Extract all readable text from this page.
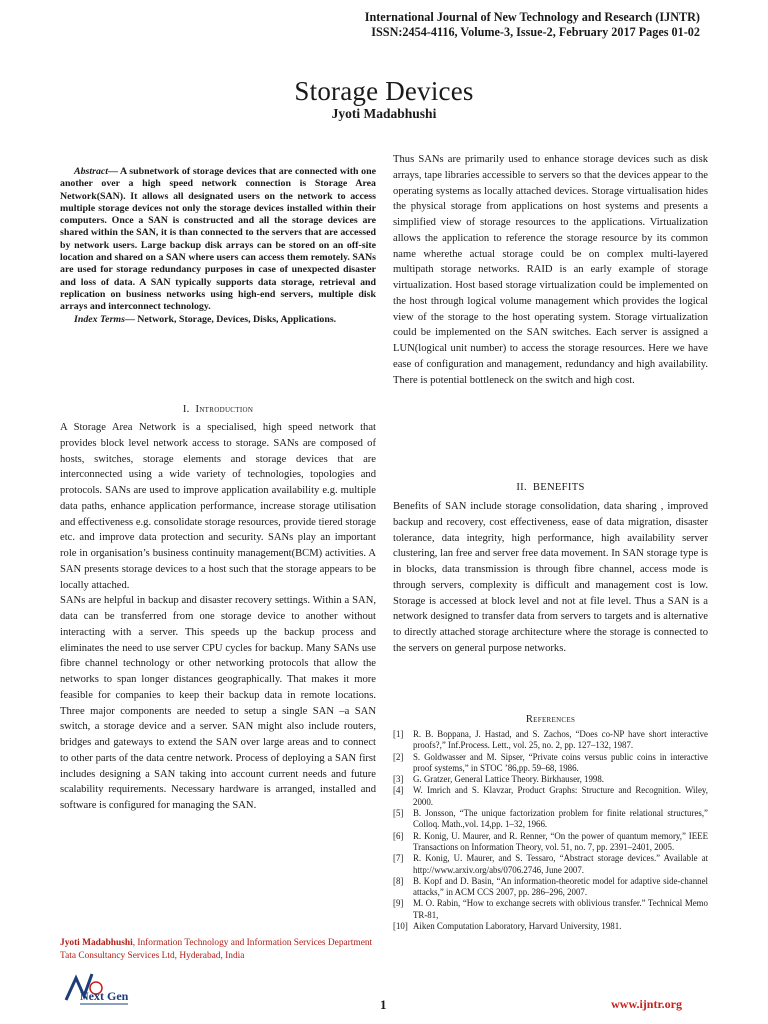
International Journal of New Technology and Research (IJNTR)
ISSN:2454-4116, Volume-3, Issue-2, February 2017 Pages 01-02
Storage Devices
Jyoti Madabhushi

Abstract— A subnetwork of storage devices that are connected with one another over a high speed network connection is Storage Area Network(SAN). It allows all designated users on the network to access multiple storage devices not only the storage devices installed within their computers. Once a SAN is constructed and all the storage devices are shared within the SAN, it is than connected to the servers that are accessed by network users. Large backup disk arrays can be stored on an off-site location and shared on a SAN where users can access them remotely. SANs are used for storage redundancy purposes in case of unexpected disaster and loss of data. A SAN typically supports data storage, retrieval and replication on business networks using high-end servers, multiple disk arrays and interconnect technology.

Index Terms— Network, Storage, Devices, Disks, Applications.

I. Introduction

A Storage Area Network is a specialised, high speed network that provides block level network access to storage. SANs are composed of hosts, switches, storage elements and storage devices that are interconnected using a wide variety of technologies, topologies and protocols. SANs are used to improve application availability e.g. multiple data paths, enhance application performance, increase storage utilisation and effectiveness e.g. consolidate storage resources, provide tiered storage etc. and improve data protection and security. SANs play an important role in organisation’s business continuity management(BCM) activities. A SAN presents storage devices to a host such that the storage appears to be locally attached.

SANs are helpful in backup and disaster recovery settings. Within a SAN, data can be transferred from one storage device to another without interacting with a server. This speeds up the backup process and eliminates the need to use server CPU cycles for backup. Many SANs use fibre channel technology or other networking protocols that allow the networks to span longer distances geographically. That makes it more feasible for companies to keep their backup data in remote locations. Three major components are needed to setup a single SAN –a SAN switch, a storage device and a server. SAN might also include routers, bridges and gateways to extend the SAN over large areas and to connect to other parts of the data centre network. Process of deploying a SAN first includes designing a SAN taking into account current needs and future scalability requirements. Necessary hardware is arranged, installed and software is configured for managing the SAN.

Thus SANs are primarily used to enhance storage devices such as disk arrays, tape libraries accessible to servers so that the devices appear to the operating systems as locally attached devices. Storage virtualisation hides the physical storage from applications on host systems and presents a simplified view of storage resources to the applications. Virtualization allows the application to reference the storage resource by its common name wherethe actual storage could be on complex multi-layered multipath storage networks. RAID is an early example of storage virtualization. Host based storage virtualization could be implemented on the host through logical volume management which provides the logical view of the storage to the host operating system. Storage virtualization could be implemented on the SAN switches. Each server is assigned a LUN(logical unit number) to access the storage resources. Here we have ease of configuration and management, redundancy and high availability. There is potential bottleneck on the switch and high cost.

II. BENEFITS

Benefits of SAN include storage consolidation, data sharing , improved backup and recovery, cost effectiveness, ease of data migration, disaster tolerance, data integrity, high performance, high availability server clustering, lan free and server free data movement. In SAN storage type is in blocks, data transmission is through fibre channel, access mode is through servers, complexity is difficult and management cost is low. Storage is accessed at block level and not at file level. Thus a SAN is a network designed to transfer data from servers to targets and is alternative to directly attached storage architecture where the storage is connected to the servers on general purpose networks.

References
[1] R. B. Boppana, J. Hastad, and S. Zachos, “Does co-NP have short interactive proofs?,” Inf.Process. Lett., vol. 25, no. 2, pp. 127–132, 1987.
[2] S. Goldwasser and M. Sipser, “Private coins versus public coins in interactive proof systems,” in STOC ’86,pp. 59–68, 1986.
[3] G. Gratzer, General Lattice Theory. Birkhauser, 1998.
[4] W. Imrich and S. Klavzar, Product Graphs: Structure and Recognition. Wiley, 2000.
[5] B. Jonsson, “The unique factorization problem for finite relational structures,” Colloq. Math.,vol. 14,pp. 1–32, 1966.
[6] R. Konig, U. Maurer, and R. Renner, “On the power of quantum memory,” IEEE Transactions on Information Theory, vol. 51, no. 7, pp. 2391–2401, 2005.
[7] R. Konig, U. Maurer, and S. Tessaro, “Abstract storage devices.” Available at http://www.arxiv.org/abs/0706.2746, June 2007.
[8] B. Kopf and D. Basin, “An information-theoretic model for adaptive side-channel attacks,” in ACM CCS 2007, pp. 286–296, 2007.
[9] M. O. Rabin, “How to exchange secrets with oblivious transfer.” Technical Memo TR-81,
[10] Aiken Computation Laboratory, Harvard University, 1981.
Jyoti Madabhushi, Information Technology and Information Services Department Tata Consultancy Services Ltd, Hyderabad, India
Next Gen
1	www.ijntr.org
